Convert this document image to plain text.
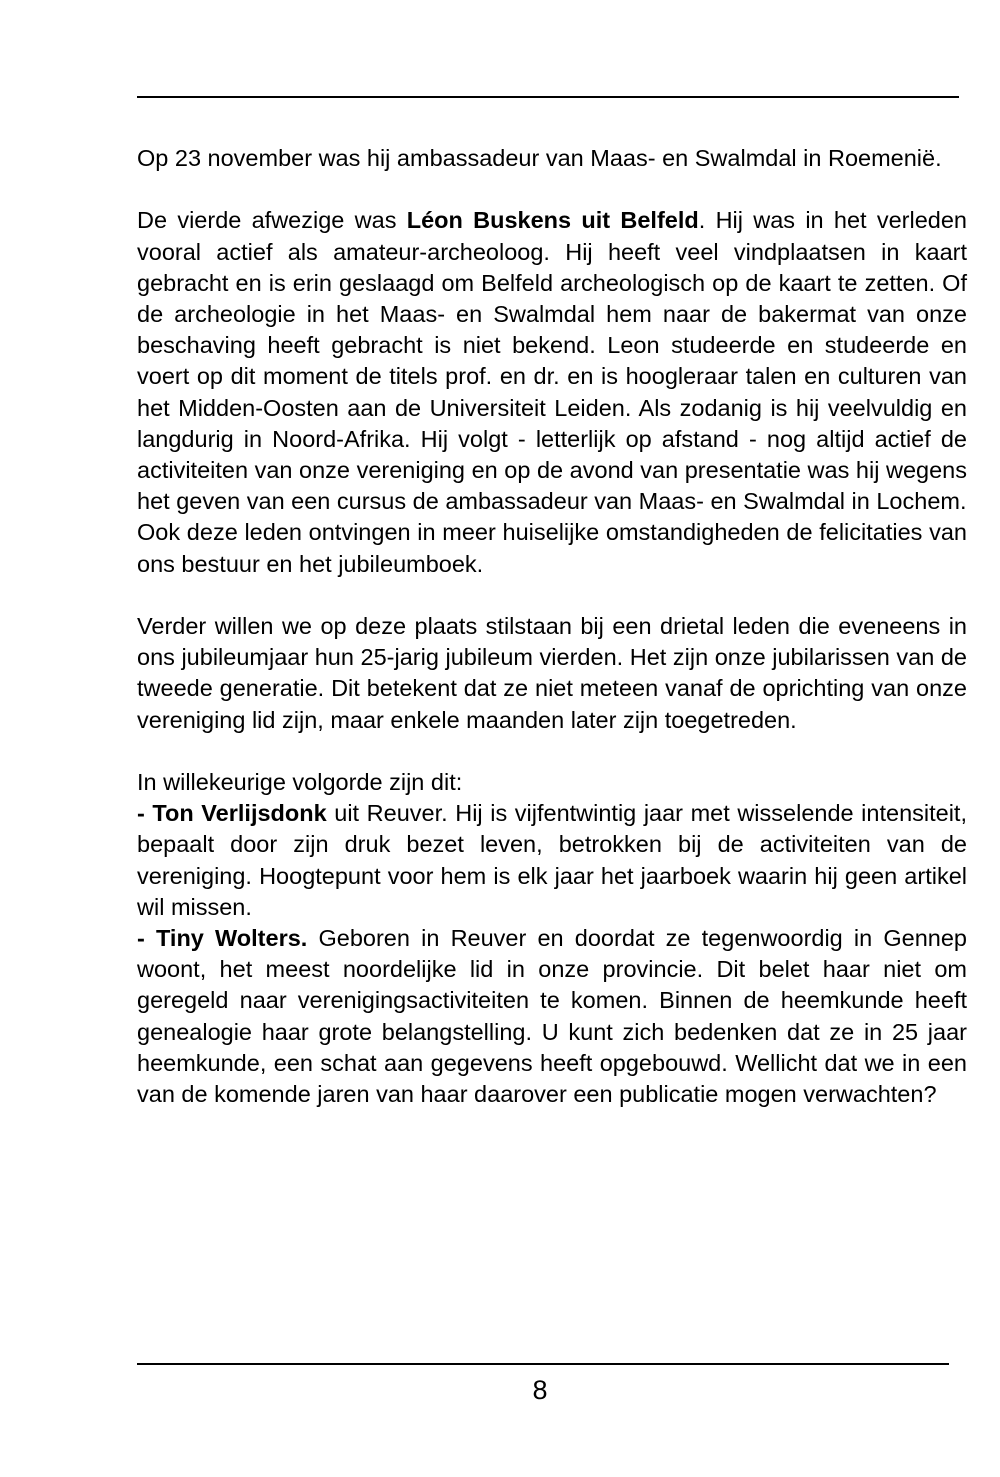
Op 23 november was hij ambassadeur van Maas- en Swalmdal in Roemenië.

De vierde afwezige was Léon Buskens uit Belfeld. Hij was in het verleden vooral actief als amateur-archeoloog. Hij heeft veel vindplaatsen in kaart gebracht en is erin geslaagd om Belfeld archeologisch op de kaart te zetten. Of de archeologie in het Maas- en Swalmdal hem naar de bakermat van onze beschaving heeft gebracht is niet bekend. Leon studeerde en studeerde en voert op dit moment de titels prof. en dr. en is hoogleraar talen en culturen van het Midden-Oosten aan de Universiteit Leiden. Als zodanig is hij veelvuldig en langdurig in Noord-Afrika. Hij volgt - letterlijk op afstand - nog altijd actief de activiteiten van onze vereniging en op de avond van presentatie was hij wegens het geven van een cursus de ambassadeur van Maas- en Swalmdal in Lochem.

Ook deze leden ontvingen in meer huiselijke omstandigheden de felicitaties van ons bestuur en het jubileumboek.

Verder willen we op deze plaats stilstaan bij een drietal leden die eveneens in ons jubileumjaar hun 25-jarig jubileum vierden. Het zijn onze jubilarissen van de tweede generatie. Dit betekent dat ze niet meteen vanaf de oprichting van onze vereniging lid zijn, maar enkele maanden later zijn toegetreden.

In willekeurige volgorde zijn dit:

- Ton Verlijsdonk uit Reuver. Hij is vijfentwintig jaar met wisselende intensiteit, bepaalt door zijn druk bezet leven, betrokken bij de activiteiten van de vereniging. Hoogtepunt voor hem is elk jaar het jaarboek waarin hij geen artikel wil missen.

- Tiny Wolters. Geboren in Reuver en doordat ze tegenwoordig in Gennep woont, het meest noordelijke lid in onze provincie. Dit belet haar niet om geregeld naar verenigingsactiviteiten te komen. Binnen de heemkunde heeft genealogie haar grote belangstelling. U kunt zich bedenken dat ze in 25 jaar heemkunde, een schat aan gegevens heeft opgebouwd. Wellicht dat we in een van de komende jaren van haar daarover een publicatie mogen verwachten?

8
